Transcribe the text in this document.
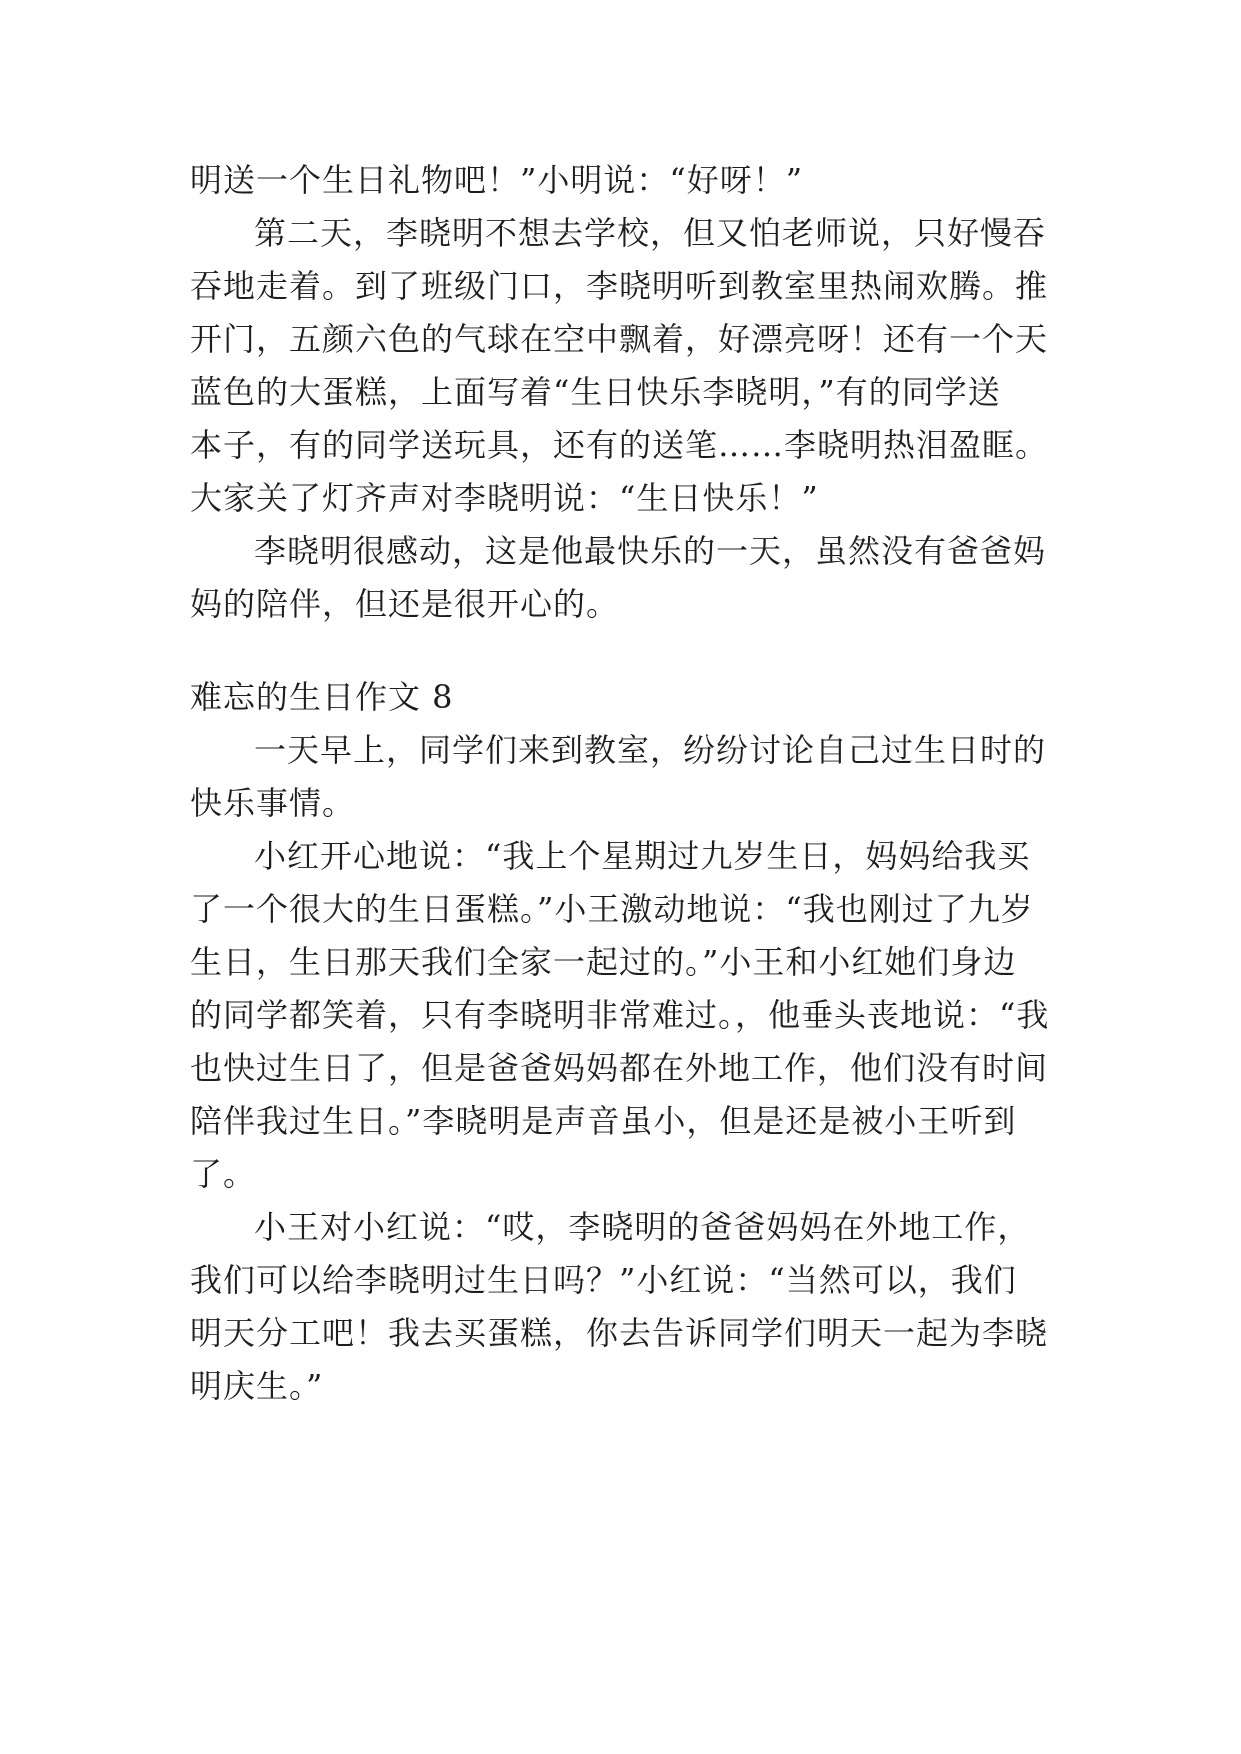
明送一个生日礼物吧！”小明说：“好呀！”
第二天，李晓明不想去学校，但又怕老师说，只好慢吞
吞地走着。到了班级门口，李晓明听到教室里热闹欢腾。推
开门，五颜六色的气球在空中飘着，好漂亮呀！还有一个天
蓝色的大蛋糕，上面写着“生日快乐李晓明，”有的同学送
本子，有的同学送玩具，还有的送笔……李晓明热泪盈眶。
大家关了灯齐声对李晓明说：“生日快乐！”
李晓明很感动，这是他最快乐的一天，虽然没有爸爸妈
妈的陪伴，但还是很开心的。
难忘的生日作文 8
一天早上，同学们来到教室，纷纷讨论自己过生日时的
快乐事情。
小红开心地说：“我上个星期过九岁生日，妈妈给我买
了一个很大的生日蛋糕。”小王激动地说：“我也刚过了九岁
生日，生日那天我们全家一起过的。”小王和小红她们身边
的同学都笑着，只有李晓明非常难过。，他垂头丧地说：“我
也快过生日了，但是爸爸妈妈都在外地工作，他们没有时间
陪伴我过生日。”李晓明是声音虽小，但是还是被小王听到
了。
小王对小红说：“哎，李晓明的爸爸妈妈在外地工作，
我们可以给李晓明过生日吗？”小红说：“当然可以，我们
明天分工吧！我去买蛋糕，你去告诉同学们明天一起为李晓
明庆生。”
